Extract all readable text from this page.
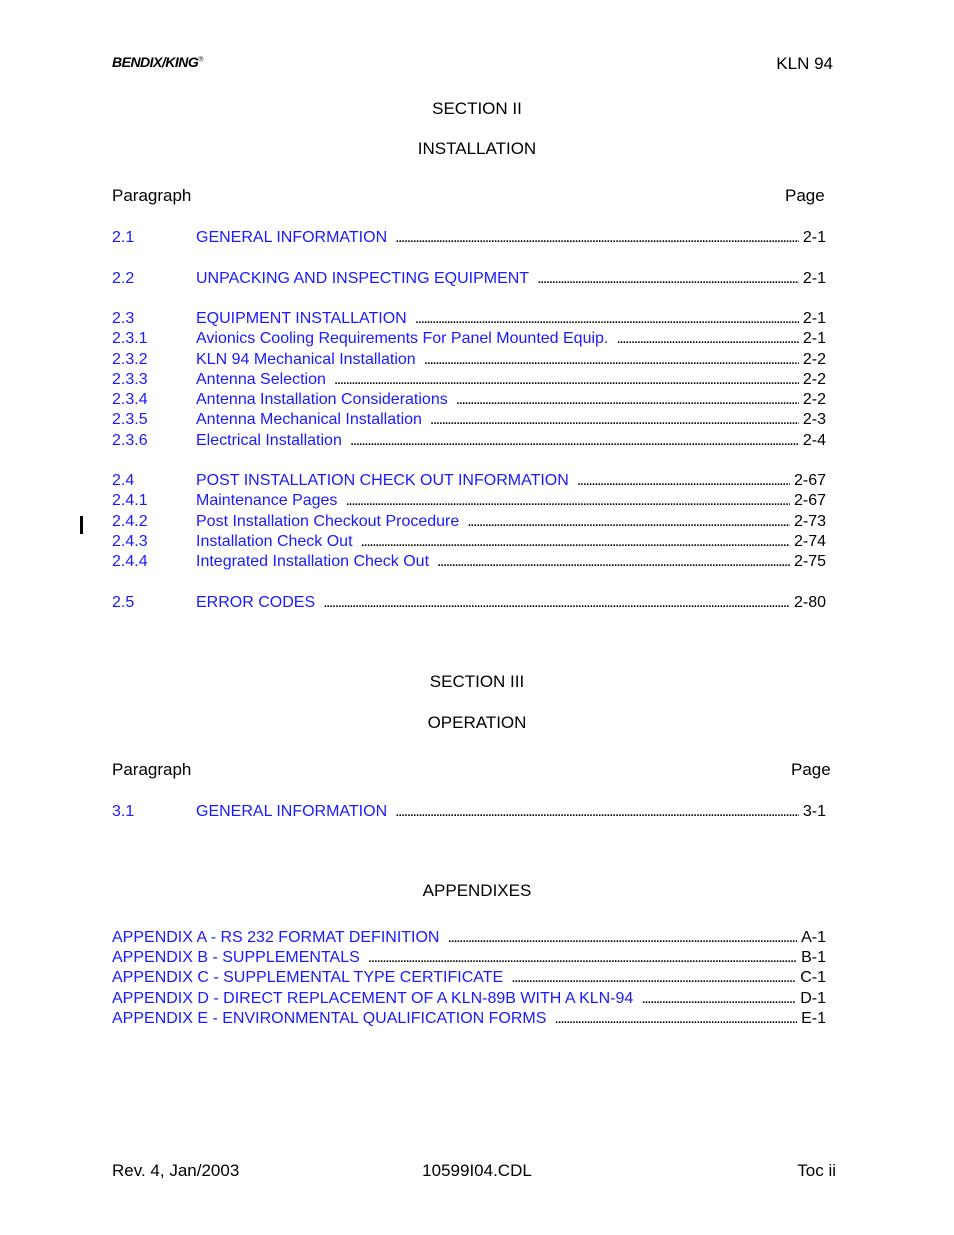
BENDIX/KING®	KLN 94
SECTION II
INSTALLATION
Paragraph	Page
2.1	GENERAL INFORMATION . . .	2-1
2.2	UNPACKING AND INSPECTING EQUIPMENT . . .	2-1
2.3	EQUIPMENT INSTALLATION . . .	2-1
2.3.1	Avionics Cooling Requirements For Panel Mounted Equip. . . .	2-1
2.3.2	KLN 94 Mechanical Installation . . .	2-2
2.3.3	Antenna Selection . . .	2-2
2.3.4	Antenna Installation Considerations . . .	2-2
2.3.5	Antenna Mechanical Installation . . .	2-3
2.3.6	Electrical Installation . . .	2-4
2.4	POST INSTALLATION CHECK OUT INFORMATION . . .	2-67
2.4.1	Maintenance Pages . . .	2-67
2.4.2	Post Installation Checkout Procedure . . .	2-73
2.4.3	Installation Check Out . . .	2-74
2.4.4	Integrated Installation Check Out . . .	2-75
2.5	ERROR CODES . . .	2-80
SECTION III
OPERATION
Paragraph	Page
3.1	GENERAL INFORMATION . . .	3-1
APPENDIXES
APPENDIX A - RS 232 FORMAT DEFINITION . . .	A-1
APPENDIX B - SUPPLEMENTALS . . .	B-1
APPENDIX C - SUPPLEMENTAL TYPE CERTIFICATE . . .	C-1
APPENDIX D - DIRECT REPLACEMENT OF A KLN-89B WITH A KLN-94 . . .	D-1
APPENDIX E - ENVIRONMENTAL QUALIFICATION FORMS . . .	E-1
Rev. 4, Jan/2003	10599I04.CDL	Toc ii
